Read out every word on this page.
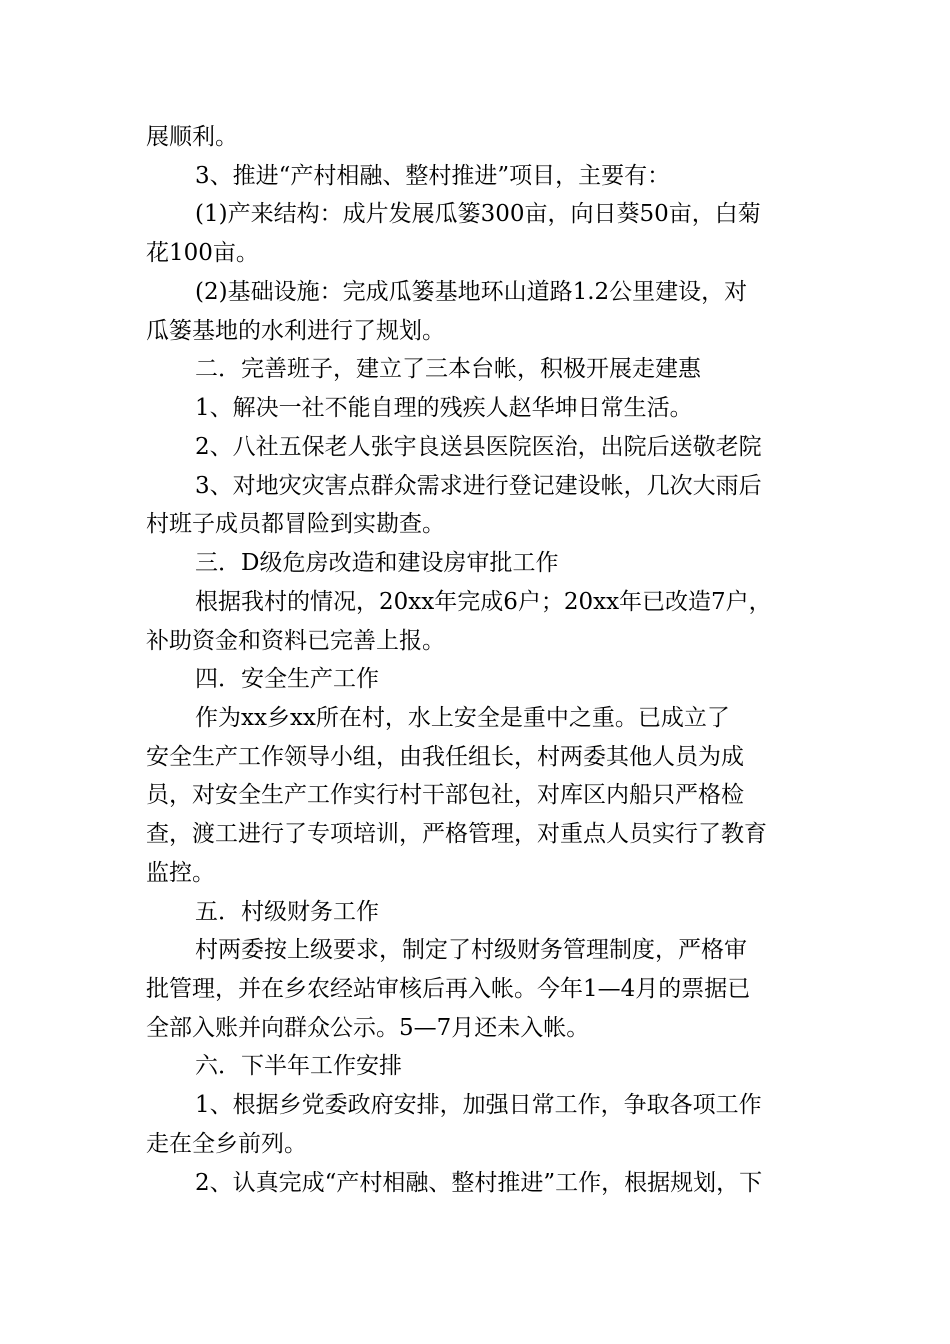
展顺利。
3、推进“产村相融、整村推进”项目，主要有：
(1)产来结构：成片发展瓜篓300亩，向日葵50亩，白菊
花100亩。
(2)基础设施：完成瓜篓基地环山道路1.2公里建设，对
瓜篓基地的水利进行了规划。
二．完善班子，建立了三本台帐，积极开展走建惠
1、解决一社不能自理的残疾人赵华坤日常生活。
2、八社五保老人张宇良送县医院医治，出院后送敬老院
3、对地灾灾害点群众需求进行登记建设帐，几次大雨后
村班子成员都冒险到实勘查。
三．D级危房改造和建设房审批工作
根据我村的情况，20xx年完成6户；20xx年已改造7户，
补助资金和资料已完善上报。
四．安全生产工作
作为xx乡xx所在村，水上安全是重中之重。已成立了
安全生产工作领导小组，由我任组长，村两委其他人员为成
员，对安全生产工作实行村干部包社，对库区内船只严格检
查，渡工进行了专项培训，严格管理，对重点人员实行了教育
监控。
五．村级财务工作
村两委按上级要求，制定了村级财务管理制度，严格审
批管理，并在乡农经站审核后再入帐。今年1—4月的票据已
全部入账并向群众公示。5—7月还未入帐。
六．下半年工作安排
1、根据乡党委政府安排，加强日常工作，争取各项工作
走在全乡前列。
2、认真完成“产村相融、整村推进”工作，根据规划，下
